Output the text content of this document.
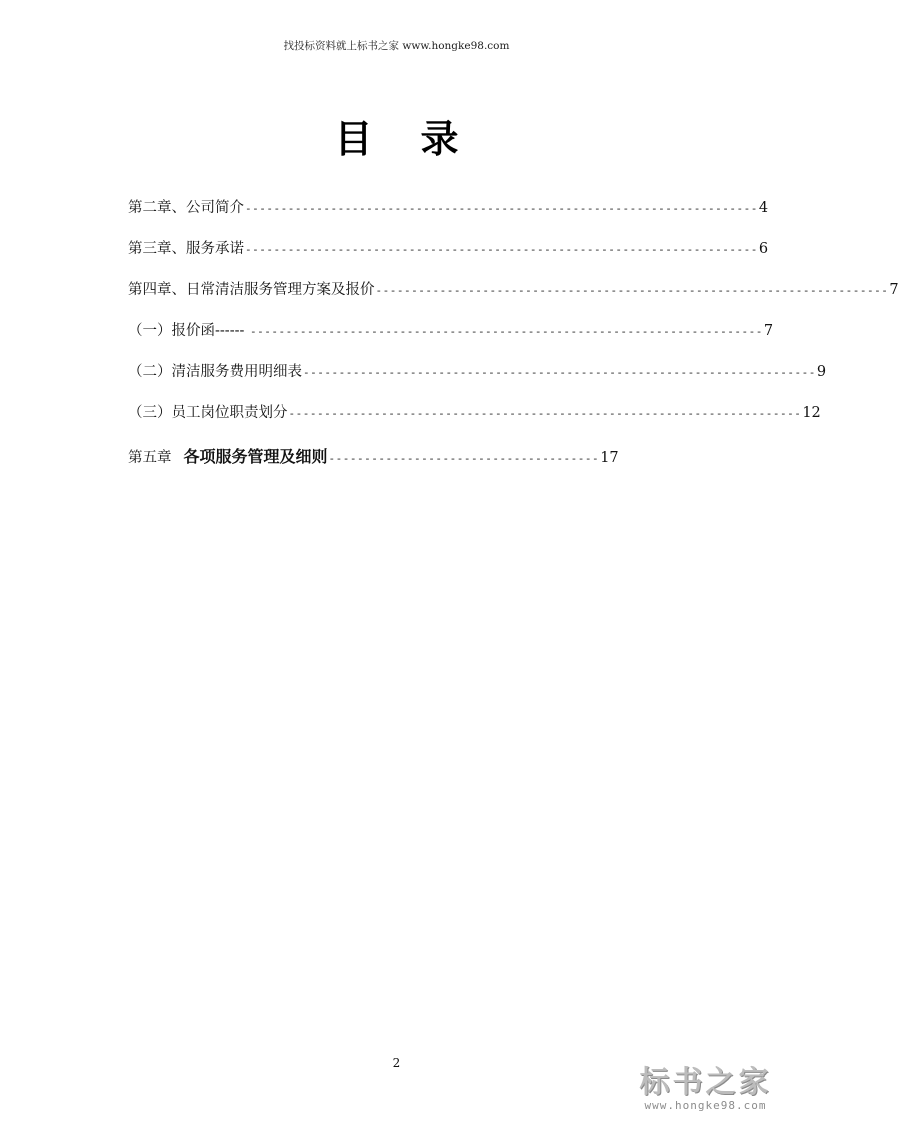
找投标资料就上标书之家 www.hongke98.com
目录
第二章、公司简介 ------------------------------------------------------------------------ 4
第三章、服务承诺 ------------------------------------------------------------------------ 6
第四章、日常清洁服务管理方案及报价 ------------------------------------------------------------------------ 7
（一）报价函------ ------------------------------------------------------------------------ 7
（二）清洁服务费用明细表 ------------------------------------------------------------------------ 9
（三）员工岗位职责划分 ------------------------------------------------------------------------ 12
第五章 各项服务管理及细则 -------------------------------------- 17
2
标书之家
www.hongke98.com
